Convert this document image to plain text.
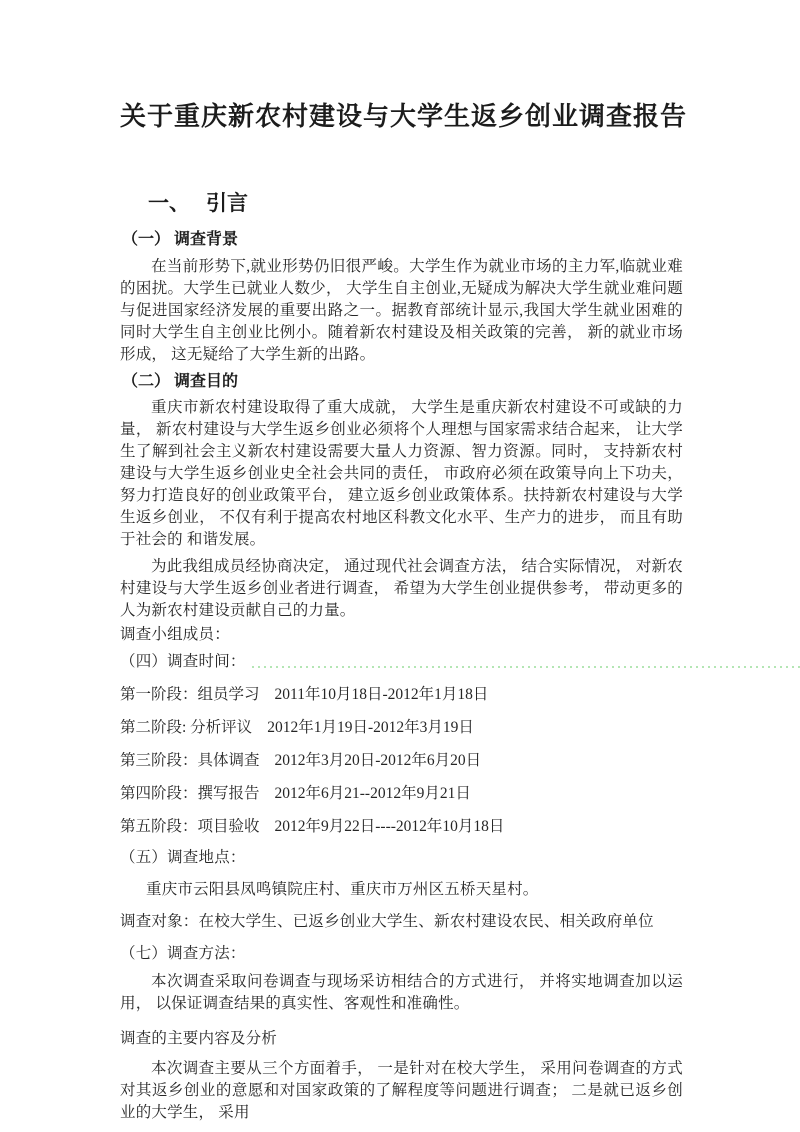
关于重庆新农村建设与大学生返乡创业调查报告
一、 引言
（一） 调查背景

在当前形势下,就业形势仍旧很严峻。大学生作为就业市场的主力军,临就业难的困扰。大学生已就业人数少， 大学生自主创业,无疑成为解决大学生就业难问题与促进国家经济发展的重要出路之一。据教育部统计显示,我国大学生就业困难的同时大学生自主创业比例小。随着新农村建设及相关政策的完善， 新的就业市场形成， 这无疑给了大学生新的出路。

（二） 调查目的

重庆市新农村建设取得了重大成就， 大学生是重庆新农村建设不可或缺的力量， 新农村建设与大学生返乡创业必须将个人理想与国家需求结合起来， 让大学生了解到社会主义新农村建设需要大量人力资源、智力资源。同时， 支持新农村建设与大学生返乡创业史全社会共同的责任， 市政府必须在政策导向上下功夫， 努力打造良好的创业政策平台， 建立返乡创业政策体系。扶持新农村建设与大学生返乡创业， 不仅有利于提高农村地区科教文化水平、生产力的进步， 而且有助于社会的 和谐发展。

为此我组成员经协商决定， 通过现代社会调查方法， 结合实际情况， 对新农村建设与大学生返乡创业者进行调查， 希望为大学生创业提供参考， 带动更多的人为新农村建设贡献自己的力量。

调查小组成员：
（四）调查时间：
第一阶段：组员学习 2011年10月18日-2012年1月18日
第二阶段: 分析评议 2012年1月19日-2012年3月19日
第三阶段：具体调查 2012年3月20日-2012年6月20日
第四阶段：撰写报告 2012年6月21--2012年9月21日
第五阶段：项目验收 2012年9月22日----2012年10月18日
（五）调查地点：
重庆市云阳县凤鸣镇院庄村、重庆市万州区五桥天星村。
调查对象：在校大学生、已返乡创业大学生、新农村建设农民、相关政府单位
（七）调查方法：

本次调查采取问卷调查与现场采访相结合的方式进行， 并将实地调查加以运用， 以保证调查结果的真实性、客观性和准确性。

调查的主要内容及分析

本次调查主要从三个方面着手， 一是针对在校大学生， 采用问卷调查的方式对其返乡创业的意愿和对国家政策的了解程度等问题进行调查； 二是就已返乡创业的大学生， 采用
